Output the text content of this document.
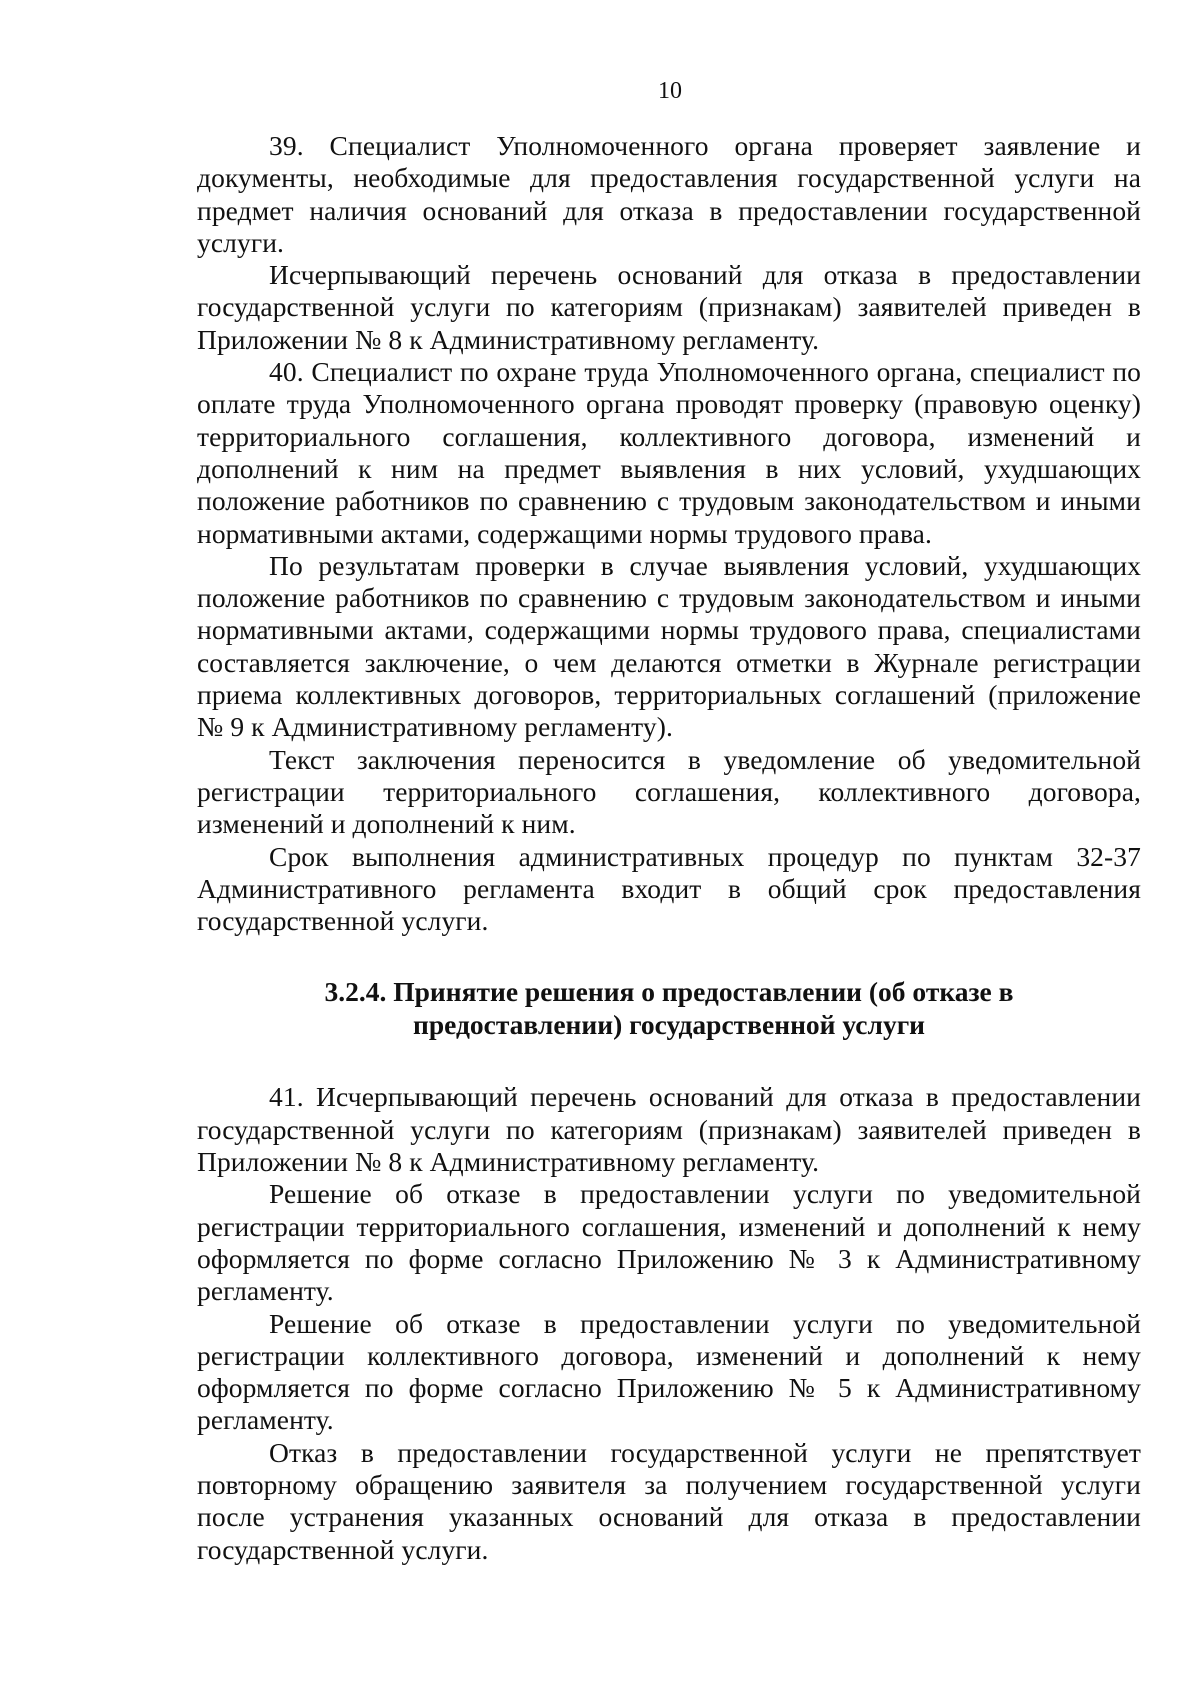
10

39. Специалист Уполномоченного органа проверяет заявление и документы, необходимые для предоставления государственной услуги на предмет наличия оснований для отказа в предоставлении государственной услуги.

Исчерпывающий перечень оснований для отказа в предоставлении государственной услуги по категориям (признакам) заявителей приведен в Приложении № 8 к Административному регламенту.

40. Специалист по охране труда Уполномоченного органа, специалист по оплате труда Уполномоченного органа проводят проверку (правовую оценку) территориального соглашения, коллективного договора, изменений и дополнений к ним на предмет выявления в них условий, ухудшающих положение работников по сравнению с трудовым законодательством и иными нормативными актами, содержащими нормы трудового права.

По результатам проверки в случае выявления условий, ухудшающих положение работников по сравнению с трудовым законодательством и иными нормативными актами, содержащими нормы трудового права, специалистами составляется заключение, о чем делаются отметки в Журнале регистрации приема коллективных договоров, территориальных соглашений (приложение № 9 к Административному регламенту).

Текст заключения переносится в уведомление об уведомительной регистрации территориального соглашения, коллективного договора, изменений и дополнений к ним.

Срок выполнения административных процедур по пунктам 32-37 Административного регламента входит в общий срок предоставления государственной услуги.

3.2.4. Принятие решения о предоставлении (об отказе в
предоставлении) государственной услуги

41. Исчерпывающий перечень оснований для отказа в предоставлении государственной услуги по категориям (признакам) заявителей приведен в Приложении № 8 к Административному регламенту.

Решение об отказе в предоставлении услуги по уведомительной регистрации территориального соглашения, изменений и дополнений к нему оформляется по форме согласно Приложению № 3 к Административному регламенту.

Решение об отказе в предоставлении услуги по уведомительной регистрации коллективного договора, изменений и дополнений к нему оформляется по форме согласно Приложению № 5 к Административному регламенту.

Отказ в предоставлении государственной услуги не препятствует повторному обращению заявителя за получением государственной услуги после устранения указанных оснований для отказа в предоставлении государственной услуги.
